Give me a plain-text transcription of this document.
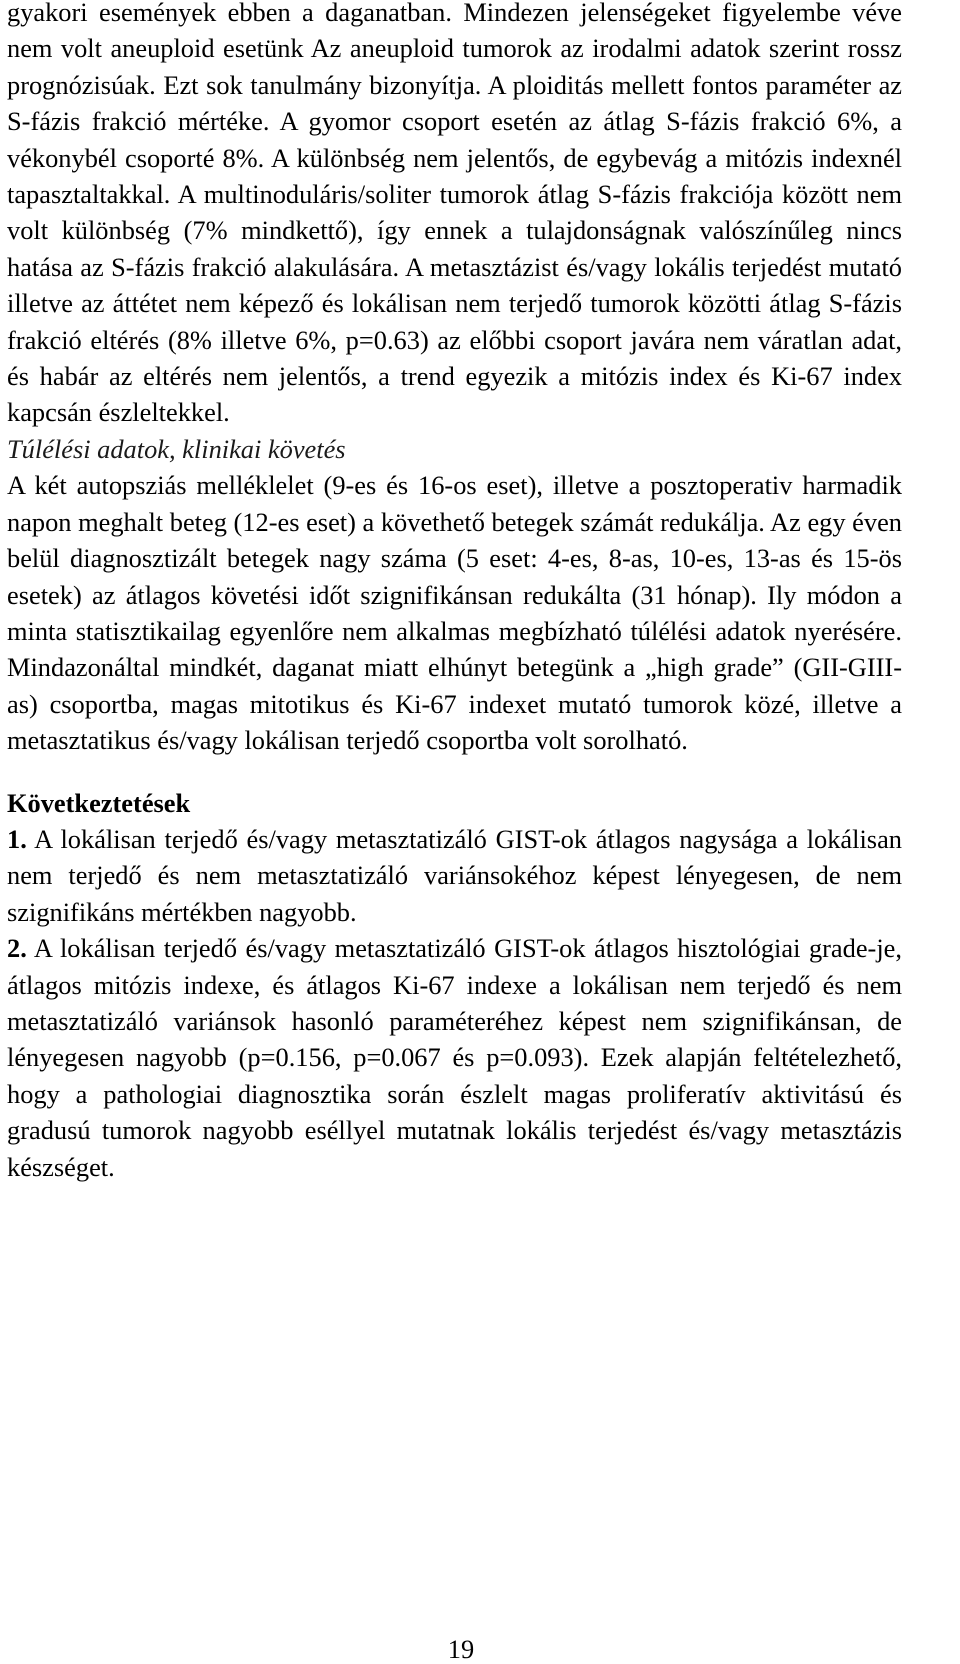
gyakori események ebben a daganatban. Mindezen jelenségeket figyelembe véve nem volt aneuploid esetünk Az aneuploid tumorok az irodalmi adatok szerint rossz prognózisúak. Ezt sok tanulmány bizonyítja. A ploiditás mellett fontos paraméter az S-fázis frakció mértéke. A gyomor csoport esetén az átlag S-fázis frakció 6%, a vékonybél csoporté 8%. A különbség nem jelentős, de egybevág a mitózis indexnél tapasztaltakkal. A multinoduláris/soliter tumorok átlag S-fázis frakciója között nem volt különbség (7% mindkettő), így ennek a tulajdonságnak valószínűleg nincs hatása az S-fázis frakció alakulására. A metasztázist és/vagy lokális terjedést mutató illetve az áttétet nem képező és lokálisan nem terjedő tumorok közötti átlag S-fázis frakció eltérés (8% illetve 6%, p=0.63) az előbbi csoport javára nem váratlan adat, és habár az eltérés nem jelentős, a trend egyezik a mitózis index és Ki-67 index kapcsán észleltekkel.

Túlélési adatok, klinikai követés

A két autopsziás melléklelet (9-es és 16-os eset), illetve a posztoperativ harmadik napon meghalt beteg (12-es eset) a követhető betegek számát redukálja. Az egy éven belül diagnosztizált betegek nagy száma (5 eset: 4-es, 8-as, 10-es, 13-as és 15-ös esetek) az átlagos követési időt szignifikánsan redukálta (31 hónap). Ily módon a minta statisztikailag egyenlőre nem alkalmas megbízható túlélési adatok nyerésére. Mindazonáltal mindkét, daganat miatt elhúnyt betegünk a „high grade” (GII-GIII-as) csoportba, magas mitotikus és Ki-67 indexet mutató tumorok közé, illetve a metasztatikus és/vagy lokálisan terjedő csoportba volt sorolható.

Következtetések

1. A lokálisan terjedő és/vagy metasztatizáló GIST-ok átlagos nagysága a lokálisan nem terjedő és nem metasztatizáló variánsokéhoz képest lényegesen, de nem szignifikáns mértékben nagyobb.

2. A lokálisan terjedő és/vagy metasztatizáló GIST-ok átlagos hisztológiai grade-je, átlagos mitózis indexe, és átlagos Ki-67 indexe a lokálisan nem terjedő és nem metasztatizáló variánsok hasonló paraméteréhez képest nem szignifikánsan, de lényegesen nagyobb (p=0.156, p=0.067 és p=0.093). Ezek alapján feltételezhető, hogy a pathologiai diagnosztika során észlelt magas proliferatív aktivitású és gradusú tumorok nagyobb eséllyel mutatnak lokális terjedést és/vagy metasztázis készséget.

19
